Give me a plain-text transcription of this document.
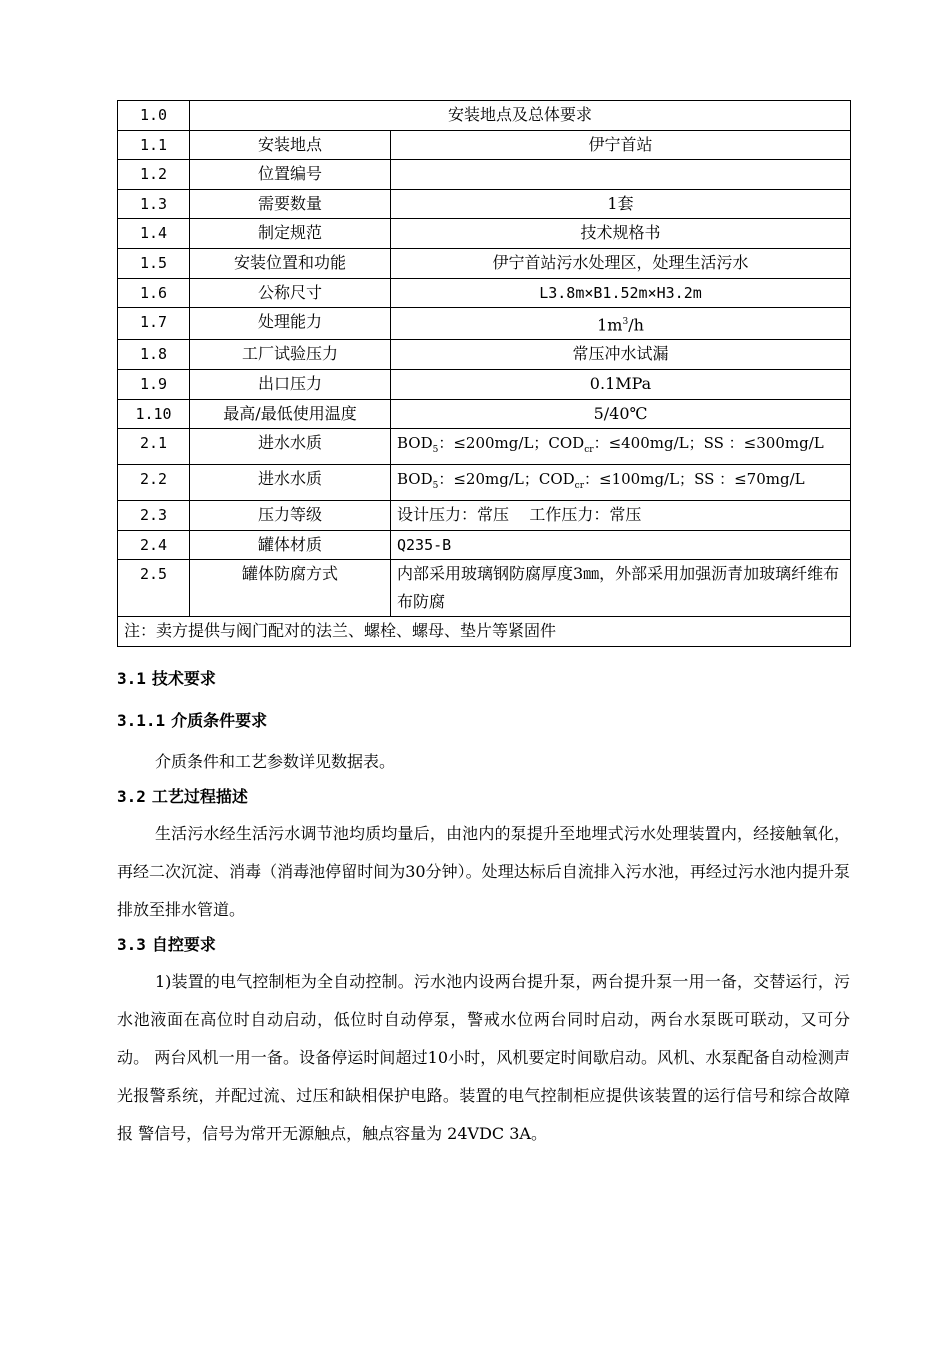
1.0	安装地点及总体要求	
1.1	安装地点	伊宁首站
1.2	位置编号	
1.3	需要数量	1套
1.4	制定规范	技术规格书
1.5	安装位置和功能	伊宁首站污水处理区，处理生活污水
1.6	公称尺寸	L3.8m×B1.52m×H3.2m
1.7	处理能力	$1m^3/h$
1.8	工厂试验压力	常压冲水试漏
1.9	出口压力	0.1MPa
1.10	最高/最低使用温度	5/40℃
2.1	进水水质	$BOD_5$：≤200mg/L；$COD_{cr}$：≤400mg/L；SS ：≤300mg/L
2.2	进水水质	$BOD_5$：≤20mg/L；$COD_{cr}$：≤100mg/L；SS ：≤70mg/L
2.3	压力等级	设计压力：常压    工作压力：常压
2.4	罐体材质	Q235-B
2.5	罐体防腐方式	内部采用玻璃钢防腐厚度3㎜，外部采用加强沥青加玻璃纤维布布防腐
注：卖方提供与阀门配对的法兰、螺栓、螺母、垫片等紧固件		

3.1 技术要求

3.1.1 介质条件要求

介质条件和工艺参数详见数据表。

3.2 工艺过程描述

生活污水经生活污水调节池均质均量后，由池内的泵提升至地埋式污水处理装置内，经接触氧化，再经二次沉淀、消毒（消毒池停留时间为30分钟）。处理达标后自流排入污水池，再经过污水池内提升泵排放至排水管道。

3.3 自控要求

1)装置的电气控制柜为全自动控制。污水池内设两台提升泵，两台提升泵一用一备，交替运行，污水池液面在高位时自动启动，低位时自动停泵，警戒水位两台同时启动，两台水泵既可联动，又可分动。 两台风机一用一备。设备停运时间超过10小时，风机要定时间歇启动。风机、水泵配备自动检测声光报警系统，并配过流、过压和缺相保护电路。装置的电气控制柜应提供该装置的运行信号和综合故障报 警信号，信号为常开无源触点，触点容量为 24VDC 3A。
